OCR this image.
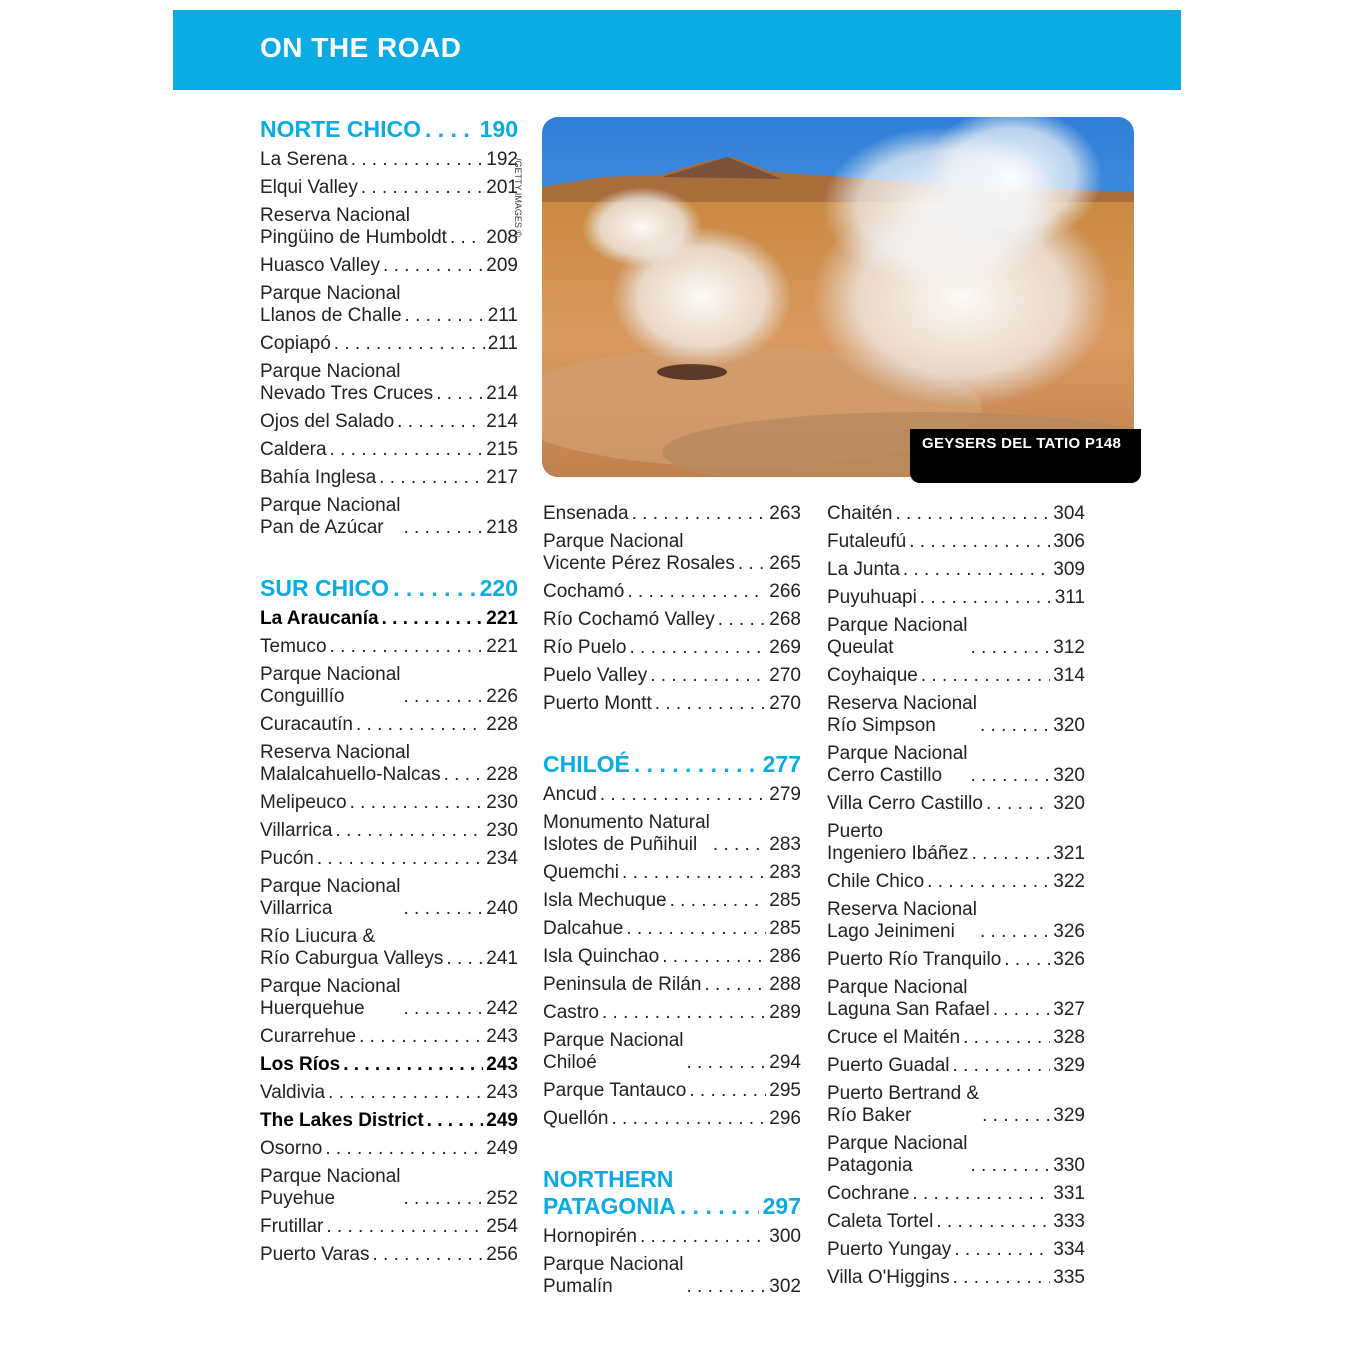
ON THE ROAD
NORTE CHICO . . .	190
La Serena . . .	192
Elqui Valley . . .	201
Reserva Nacional
Pingüino de Humboldt . . . 208
Huasco Valley . . .	209
Parque Nacional
Llanos de Challe . . .	211
Copiapó . . .	211
Parque Nacional
Nevado Tres Cruces . . .	214
Ojos del Salado . . .	214
Caldera . . .	215
Bahía Inglesa . . .	217
Parque Nacional
Pan de Azúcar . . .	218
SUR CHICO . . .	220
La Araucanía . . .	221
Temuco . . .	221
Parque Nacional
Conguillío . . .	226
Curacautín . . .	228
Reserva Nacional
Malalcahuello-Nalcas . . . 228
Melipeuco . . .	230
Villarrica . . .	230
Pucón . . .	234
Parque Nacional
Villarrica . . .	240
Río Liucura &
Río Caburgua Valleys . . . 241
Parque Nacional
Huerquehue . . .	242
Curarrehue . . .	243
Los Ríos . . .	243
Valdivia . . .	243
The Lakes District . . .	249
Osorno . . .	249
Parque Nacional
Puyehue . . .	252
Frutillar . . .	254
Puerto Varas . . .	256
/GETTY IMAGES ©
GEYSERS DEL TATIO P148
Ensenada . . .	263
Parque Nacional
Vicente Pérez Rosales . . . 265
Cochamó . . .	266
Río Cochamó Valley . . .	268
Río Puelo . . .	269
Puelo Valley . . .	270
Puerto Montt . . .	270
CHILOÉ . . .	277
Ancud . . .	279
Monumento Natural
Islotes de Puñihuil . . .	283
Quemchi . . .	283
Isla Mechuque . . .	285
Dalcahue . . .	285
Isla Quinchao . . .	286
Peninsula de Rilán . . .	288
Castro . . .	289
Parque Nacional
Chiloé . . .	294
Parque Tantauco . . .	295
Quellón . . .	296
NORTHERN
PATAGONIA . . .	297
Hornopirén . . .	300
Parque Nacional
Pumalín . . .	302
Chaitén . . .	304
Futaleufú . . .	306
La Junta . . .	309
Puyuhuapi . . .	311
Parque Nacional
Queulat . . .	312
Coyhaique . . .	314
Reserva Nacional
Río Simpson . . .	320
Parque Nacional
Cerro Castillo . . .	320
Villa Cerro Castillo . . .	320
Puerto
Ingeniero Ibáñez . . .	321
Chile Chico . . .	322
Reserva Nacional
Lago Jeinimeni . . .	326
Puerto Río Tranquilo . . .	326
Parque Nacional
Laguna San Rafael . . .	327
Cruce el Maitén . . .	328
Puerto Guadal . . .	329
Puerto Bertrand &
Río Baker . . .	329
Parque Nacional
Patagonia . . .	330
Cochrane . . .	331
Caleta Tortel . . .	333
Puerto Yungay . . .	334
Villa O'Higgins . . .	335
